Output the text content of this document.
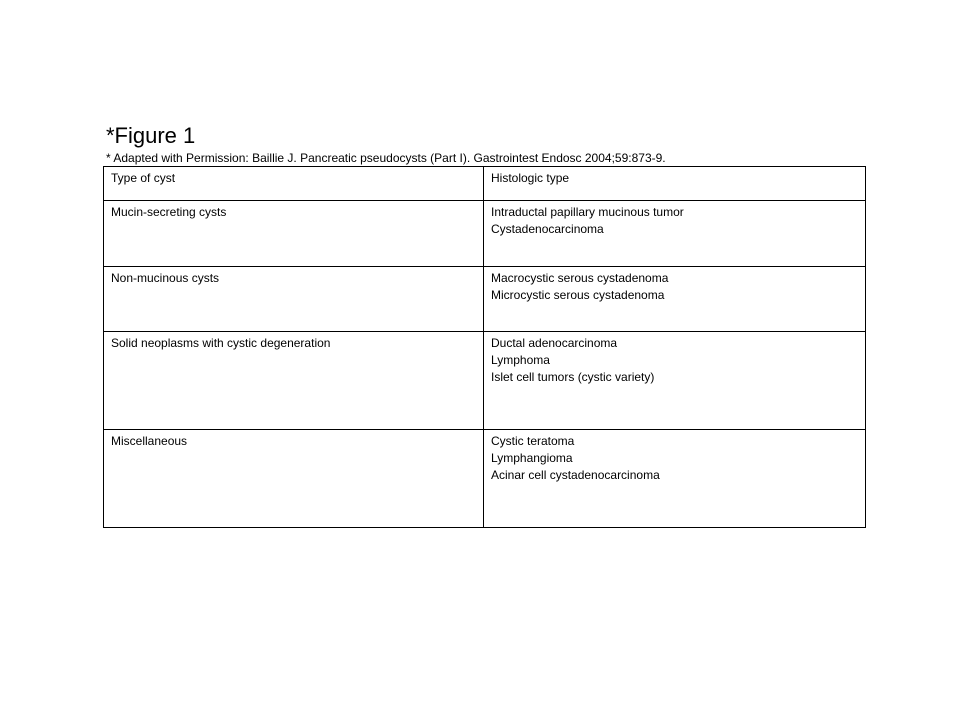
*Figure 1
* Adapted with Permission: Baillie J. Pancreatic pseudocysts (Part I). Gastrointest Endosc 2004;59:873-9.
Type of cyst	Histologic type
Mucin-secreting cysts	Intraductal papillary mucinous tumor
Cystadenocarcinoma

Non-mucinous cysts	Macrocystic serous cystadenoma
Microcystic serous cystadenoma

Solid neoplasms with cystic degeneration	Ductal adenocarcinoma
Lymphoma
Islet cell tumors (cystic variety)

Miscellaneous	Cystic teratoma
Lymphangioma
Acinar cell cystadenocarcinoma
